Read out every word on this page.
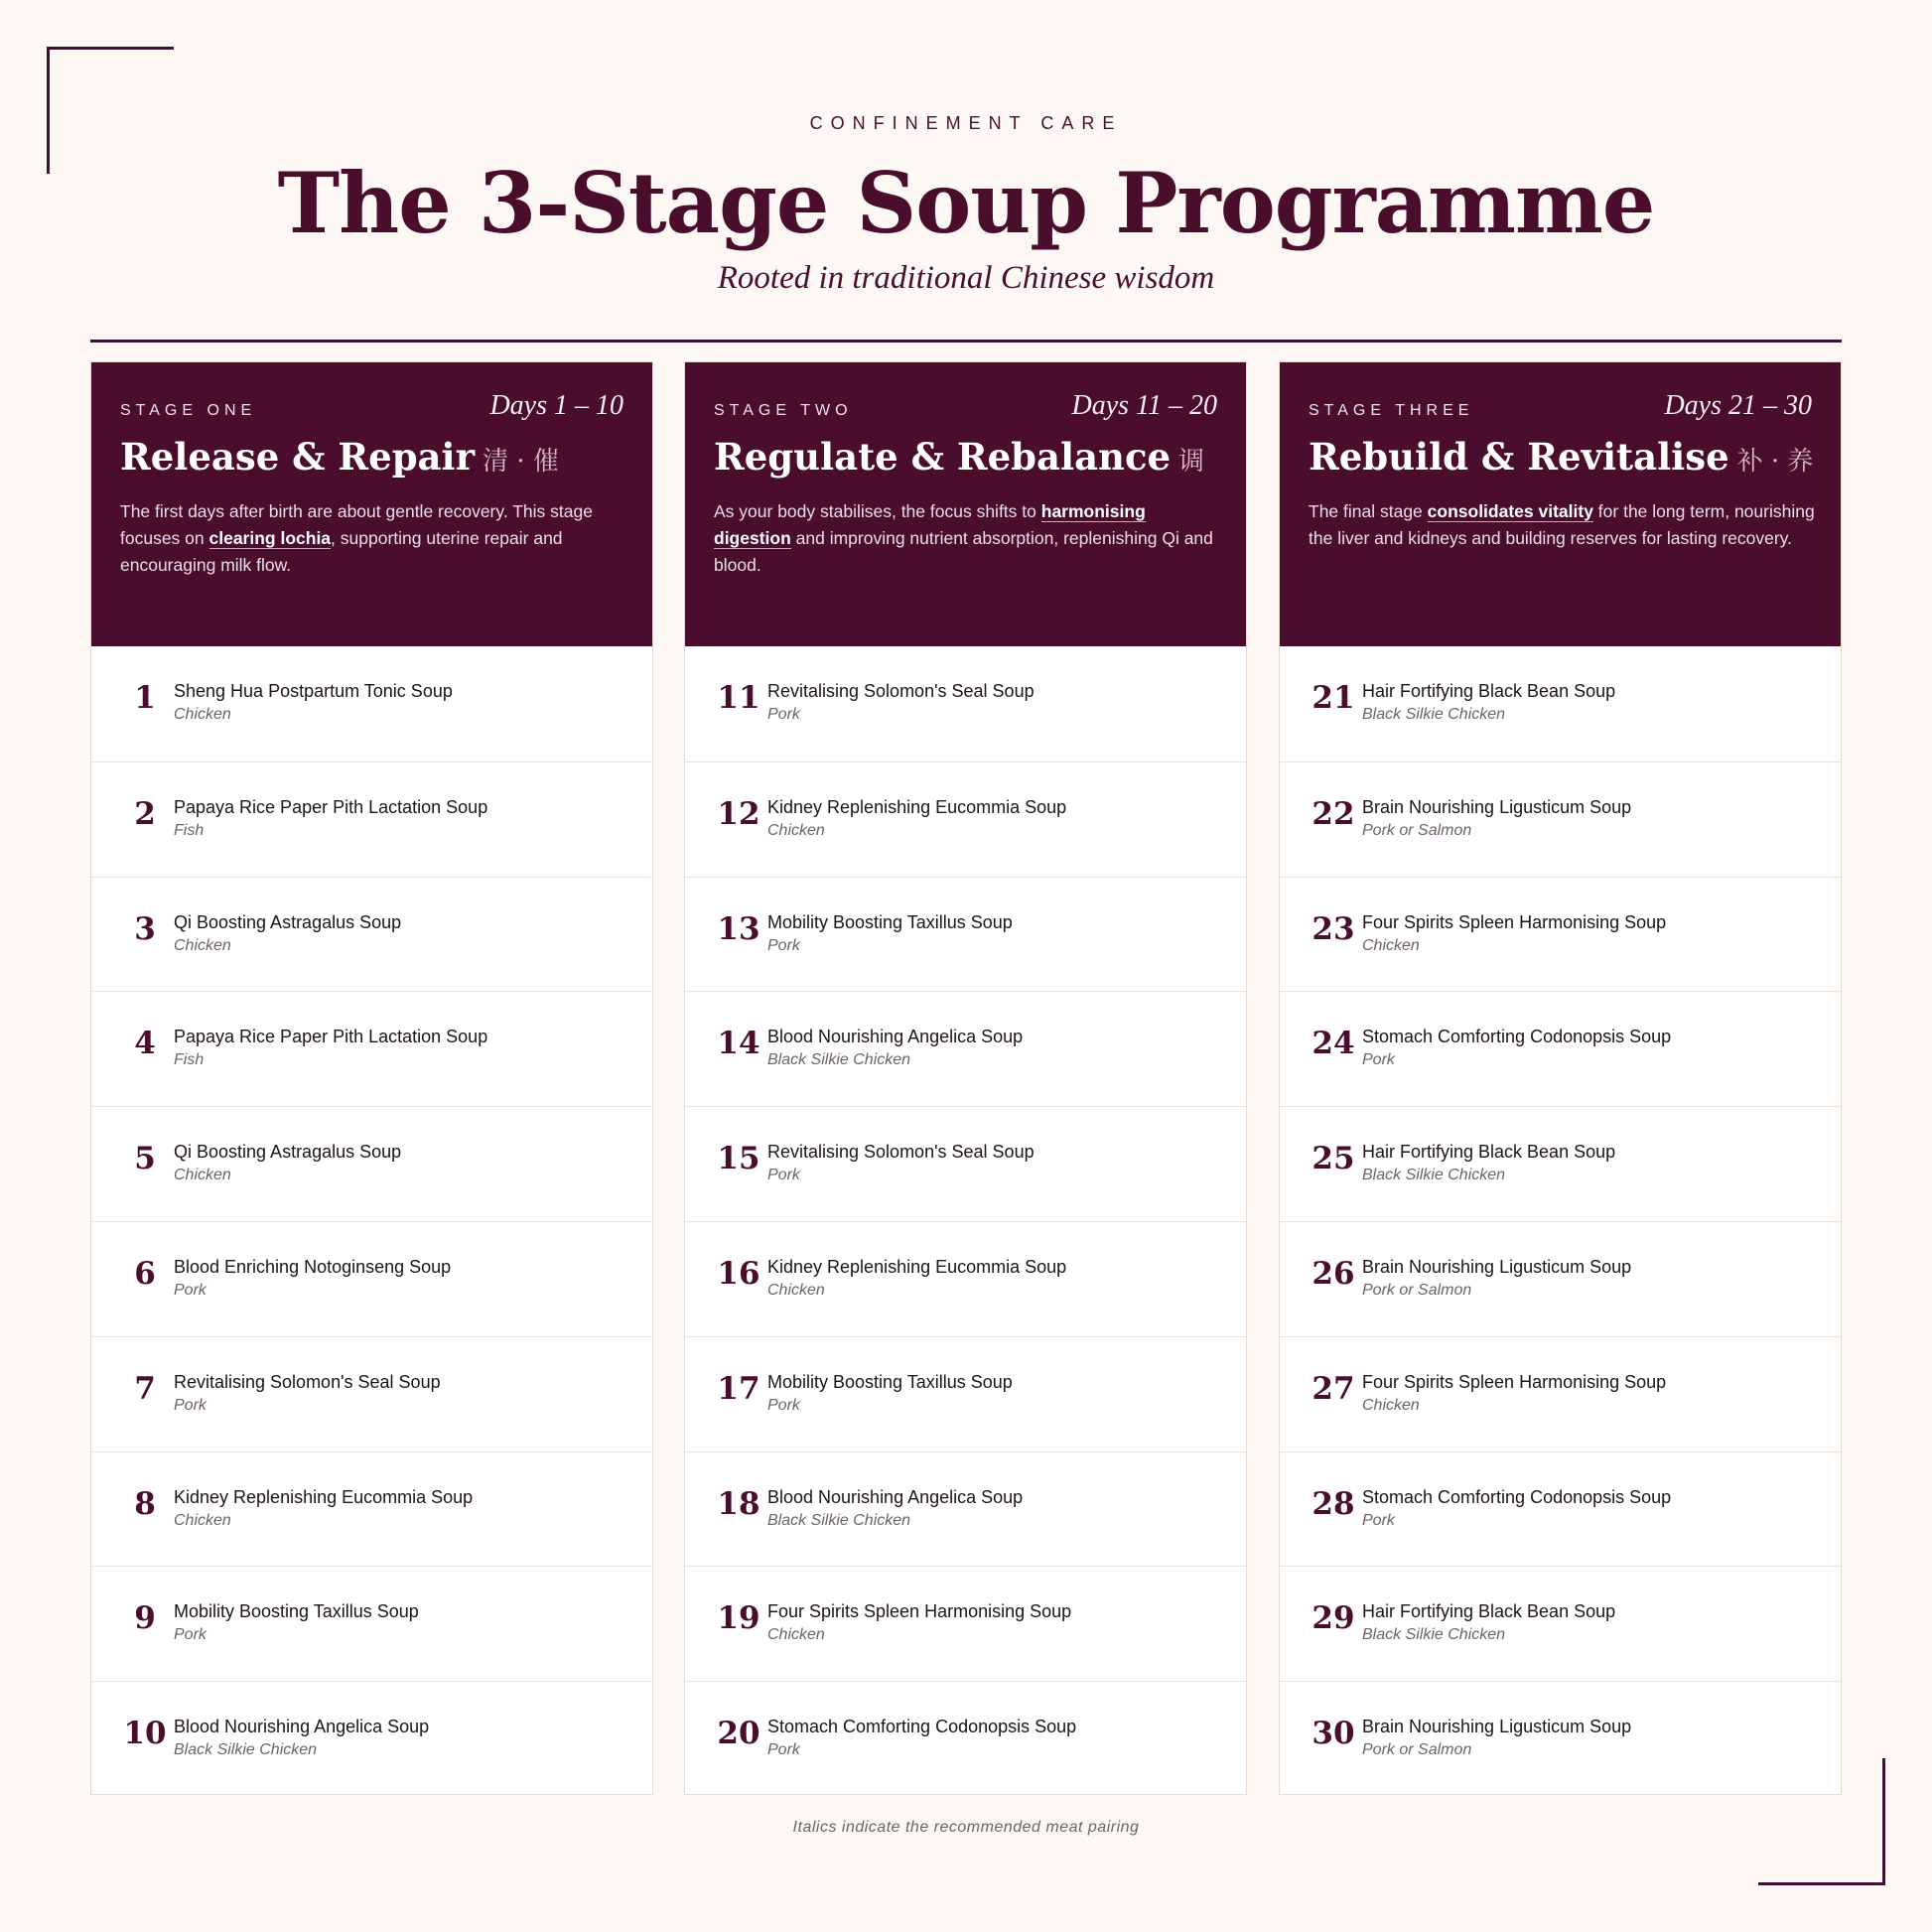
CONFINEMENT CARE
The 3-Stage Soup Programme
Rooted in traditional Chinese wisdom
STAGE ONE	Days 1 – 10
Release & Repair 清 · 催
The first days after birth are about gentle recovery. This stage focuses on clearing lochia, supporting uterine repair and encouraging milk flow.
1	Sheng Hua Postpartum Tonic Soup
Chicken
2	Papaya Rice Paper Pith Lactation Soup
Fish
3	Qi Boosting Astragalus Soup
Chicken
4	Papaya Rice Paper Pith Lactation Soup
Fish
5	Qi Boosting Astragalus Soup
Chicken
6	Blood Enriching Notoginseng Soup
Pork
7	Revitalising Solomon's Seal Soup
Pork
8	Kidney Replenishing Eucommia Soup
Chicken
9	Mobility Boosting Taxillus Soup
Pork
10 Blood Nourishing Angelica Soup
Black Silkie Chicken
STAGE TWO	Days 11 – 20
Regulate & Rebalance 调
As your body stabilises, the focus shifts to harmonising digestion and improving nutrient absorption, replenishing Qi and blood.
11 Revitalising Solomon's Seal Soup
Pork
12 Kidney Replenishing Eucommia Soup
Chicken
13 Mobility Boosting Taxillus Soup
Pork
14 Blood Nourishing Angelica Soup
Black Silkie Chicken
15 Revitalising Solomon's Seal Soup
Pork
16 Kidney Replenishing Eucommia Soup
Chicken
17 Mobility Boosting Taxillus Soup
Pork
18 Blood Nourishing Angelica Soup
Black Silkie Chicken
19 Four Spirits Spleen Harmonising Soup
Chicken
20 Stomach Comforting Codonopsis Soup
Pork
STAGE THREE	Days 21 – 30
Rebuild & Revitalise 补 · 养
The final stage consolidates vitality for the long term, nourishing the liver and kidneys and building reserves for lasting recovery.
21 Hair Fortifying Black Bean Soup
Black Silkie Chicken
22 Brain Nourishing Ligusticum Soup
Pork or Salmon
23 Four Spirits Spleen Harmonising Soup
Chicken
24 Stomach Comforting Codonopsis Soup
Pork
25 Hair Fortifying Black Bean Soup
Black Silkie Chicken
26 Brain Nourishing Ligusticum Soup
Pork or Salmon
27 Four Spirits Spleen Harmonising Soup
Chicken
28 Stomach Comforting Codonopsis Soup
Pork
29 Hair Fortifying Black Bean Soup
Black Silkie Chicken
30 Brain Nourishing Ligusticum Soup
Pork or Salmon
Italics indicate the recommended meat pairing
